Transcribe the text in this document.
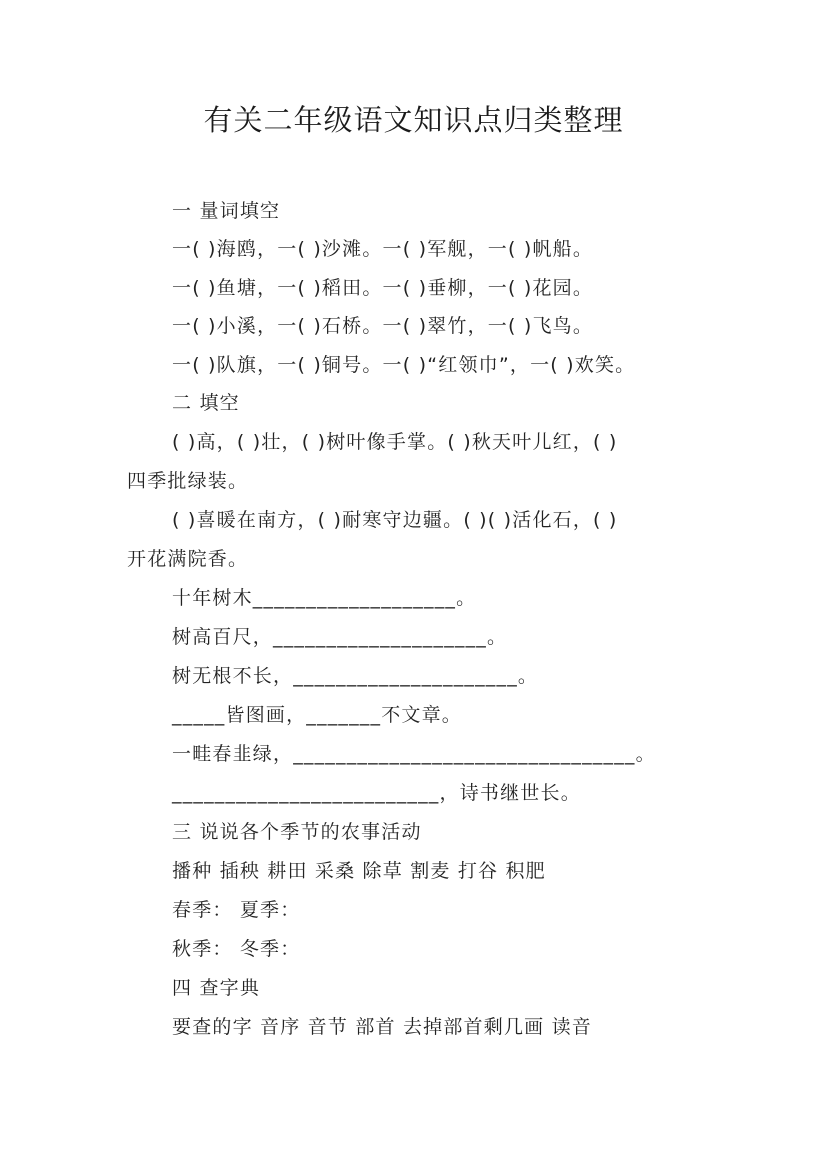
有关二年级语文知识点归类整理
一 量词填空
一( )海鸥，一( )沙滩。一( )军舰，一( )帆船。
一( )鱼塘，一( )稻田。一( )垂柳，一( )花园。
一( )小溪，一( )石桥。一( )翠竹，一( )飞鸟。
一( )队旗，一( )铜号。一( )“红领巾”，一( )欢笑。
二 填空
( )高，( )壮，( )树叶像手掌。( )秋天叶儿红，( )
四季批绿装。
( )喜暖在南方，( )耐寒守边疆。( )( )活化石，( )
开花满院香。
十年树木___________________。
树高百尺，____________________。
树无根不长，_____________________。
_____皆图画，_______不文章。
一畦春韭绿，________________________________。
_________________________，诗书继世长。
三 说说各个季节的农事活动
播种 插秧 耕田 采桑 除草 割麦 打谷 积肥
春季： 夏季：
秋季： 冬季：
四 查字典
要查的字 音序 音节 部首 去掉部首剩几画 读音
